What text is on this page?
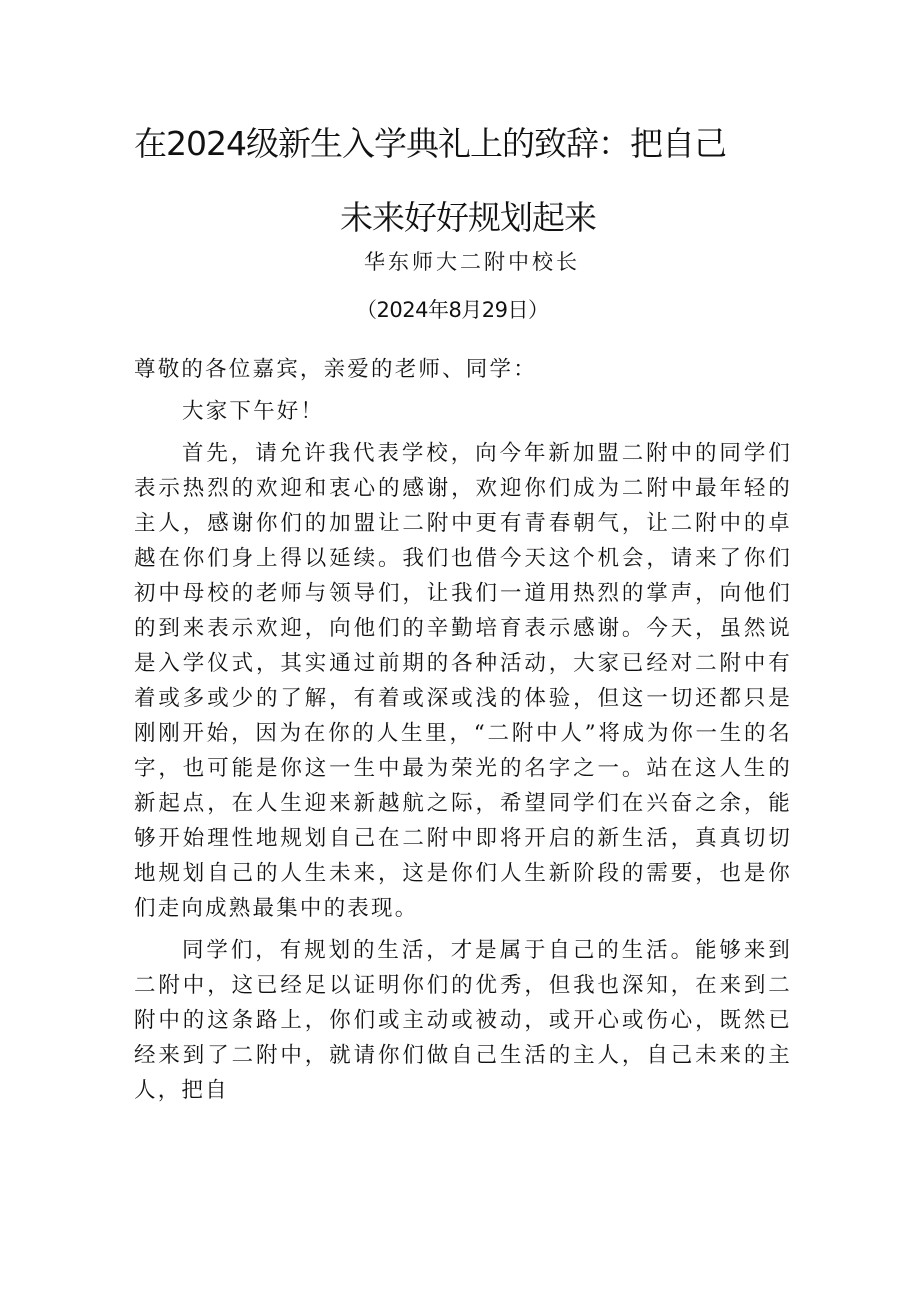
在2024级新生入学典礼上的致辞：把自己
未来好好规划起来
华东师大二附中校长
（2024年8月29日）

尊敬的各位嘉宾，亲爱的老师、同学：

大家下午好！

首先，请允许我代表学校，向今年新加盟二附中的同学们表示热烈的欢迎和衷心的感谢，欢迎你们成为二附中最年轻的主人，感谢你们的加盟让二附中更有青春朝气，让二附中的卓越在你们身上得以延续。我们也借今天这个机会，请来了你们初中母校的老师与领导们，让我们一道用热烈的掌声，向他们的到来表示欢迎，向他们的辛勤培育表示感谢。今天，虽然说是入学仪式，其实通过前期的各种活动，大家已经对二附中有着或多或少的了解，有着或深或浅的体验，但这一切还都只是刚刚开始，因为在你的人生里，“二附中人”将成为你一生的名字，也可能是你这一生中最为荣光的名字之一。站在这人生的新起点，在人生迎来新越航之际，希望同学们在兴奋之余，能够开始理性地规划自己在二附中即将开启的新生活，真真切切地规划自己的人生未来，这是你们人生新阶段的需要，也是你们走向成熟最集中的表现。

同学们，有规划的生活，才是属于自己的生活。能够来到二附中，这已经足以证明你们的优秀，但我也深知，在来到二附中的这条路上，你们或主动或被动，或开心或伤心，既然已经来到了二附中，就请你们做自己生活的主人，自己未来的主人，把自
